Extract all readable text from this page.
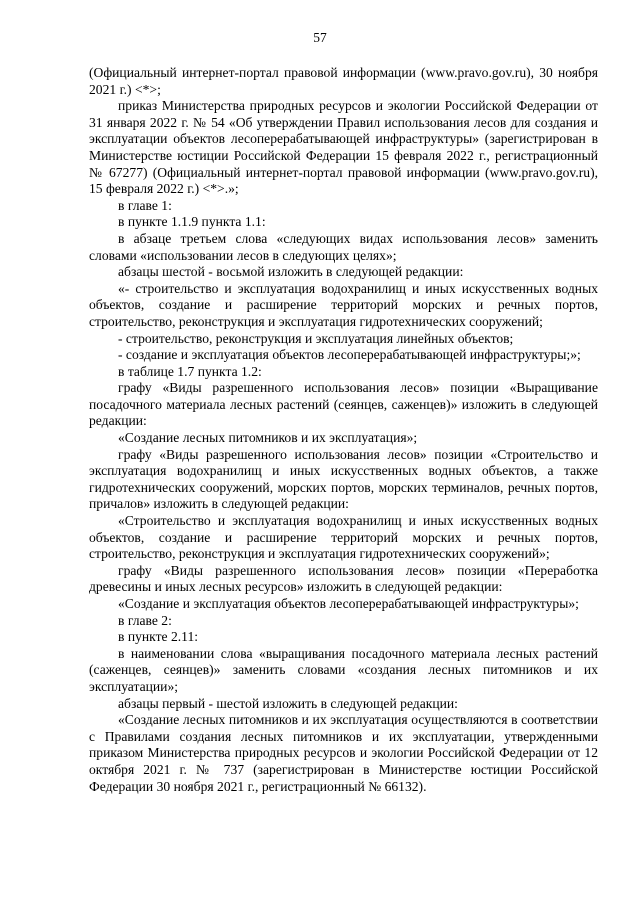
57

(Официальный интернет-портал правовой информации (www.pravo.gov.ru), 30 ноября 2021 г.) <*>;

приказ Министерства природных ресурсов и экологии Российской Федерации от 31 января 2022 г. № 54 «Об утверждении Правил использования лесов для создания и эксплуатации объектов лесоперерабатывающей инфраструктуры» (зарегистрирован в Министерстве юстиции Российской Федерации 15 февраля 2022 г., регистрационный № 67277) (Официальный интернет-портал правовой информации (www.pravo.gov.ru), 15 февраля 2022 г.) <*>.»;

в главе 1:

в пункте 1.1.9 пункта 1.1:

в абзаце третьем слова «следующих видах использования лесов» заменить словами «использовании лесов в следующих целях»;

абзацы шестой - восьмой изложить в следующей редакции:

«- строительство и эксплуатация водохранилищ и иных искусственных водных объектов, создание и расширение территорий морских и речных портов, строительство, реконструкция и эксплуатация гидротехнических сооружений;

- строительство, реконструкция и эксплуатация линейных объектов;

- создание и эксплуатация объектов лесоперерабатывающей инфраструктуры;»;

в таблице 1.7 пункта 1.2:

графу «Виды разрешенного использования лесов» позиции «Выращивание посадочного материала лесных растений (сеянцев, саженцев)» изложить в следующей редакции:

«Создание лесных питомников и их эксплуатация»;

графу «Виды разрешенного использования лесов» позиции «Строительство и эксплуатация водохранилищ и иных искусственных водных объектов, а также гидротехнических сооружений, морских портов, морских терминалов, речных портов, причалов» изложить в следующей редакции:

«Строительство и эксплуатация водохранилищ и иных искусственных водных объектов, создание и расширение территорий морских и речных портов, строительство, реконструкция и эксплуатация гидротехнических сооружений»;

графу «Виды разрешенного использования лесов» позиции «Переработка древесины и иных лесных ресурсов» изложить в следующей редакции:

«Создание и эксплуатация объектов лесоперерабатывающей инфраструктуры»;

в главе 2:

в пункте 2.11:

в наименовании слова «выращивания посадочного материала лесных растений (саженцев, сеянцев)» заменить словами «создания лесных питомников и их эксплуатации»;

абзацы первый - шестой изложить в следующей редакции:

«Создание лесных питомников и их эксплуатация осуществляются в соответствии с Правилами создания лесных питомников и их эксплуатации, утвержденными приказом Министерства природных ресурсов и экологии Российской Федерации от 12 октября 2021 г. № 737 (зарегистрирован в Министерстве юстиции Российской Федерации 30 ноября 2021 г., регистрационный № 66132).
